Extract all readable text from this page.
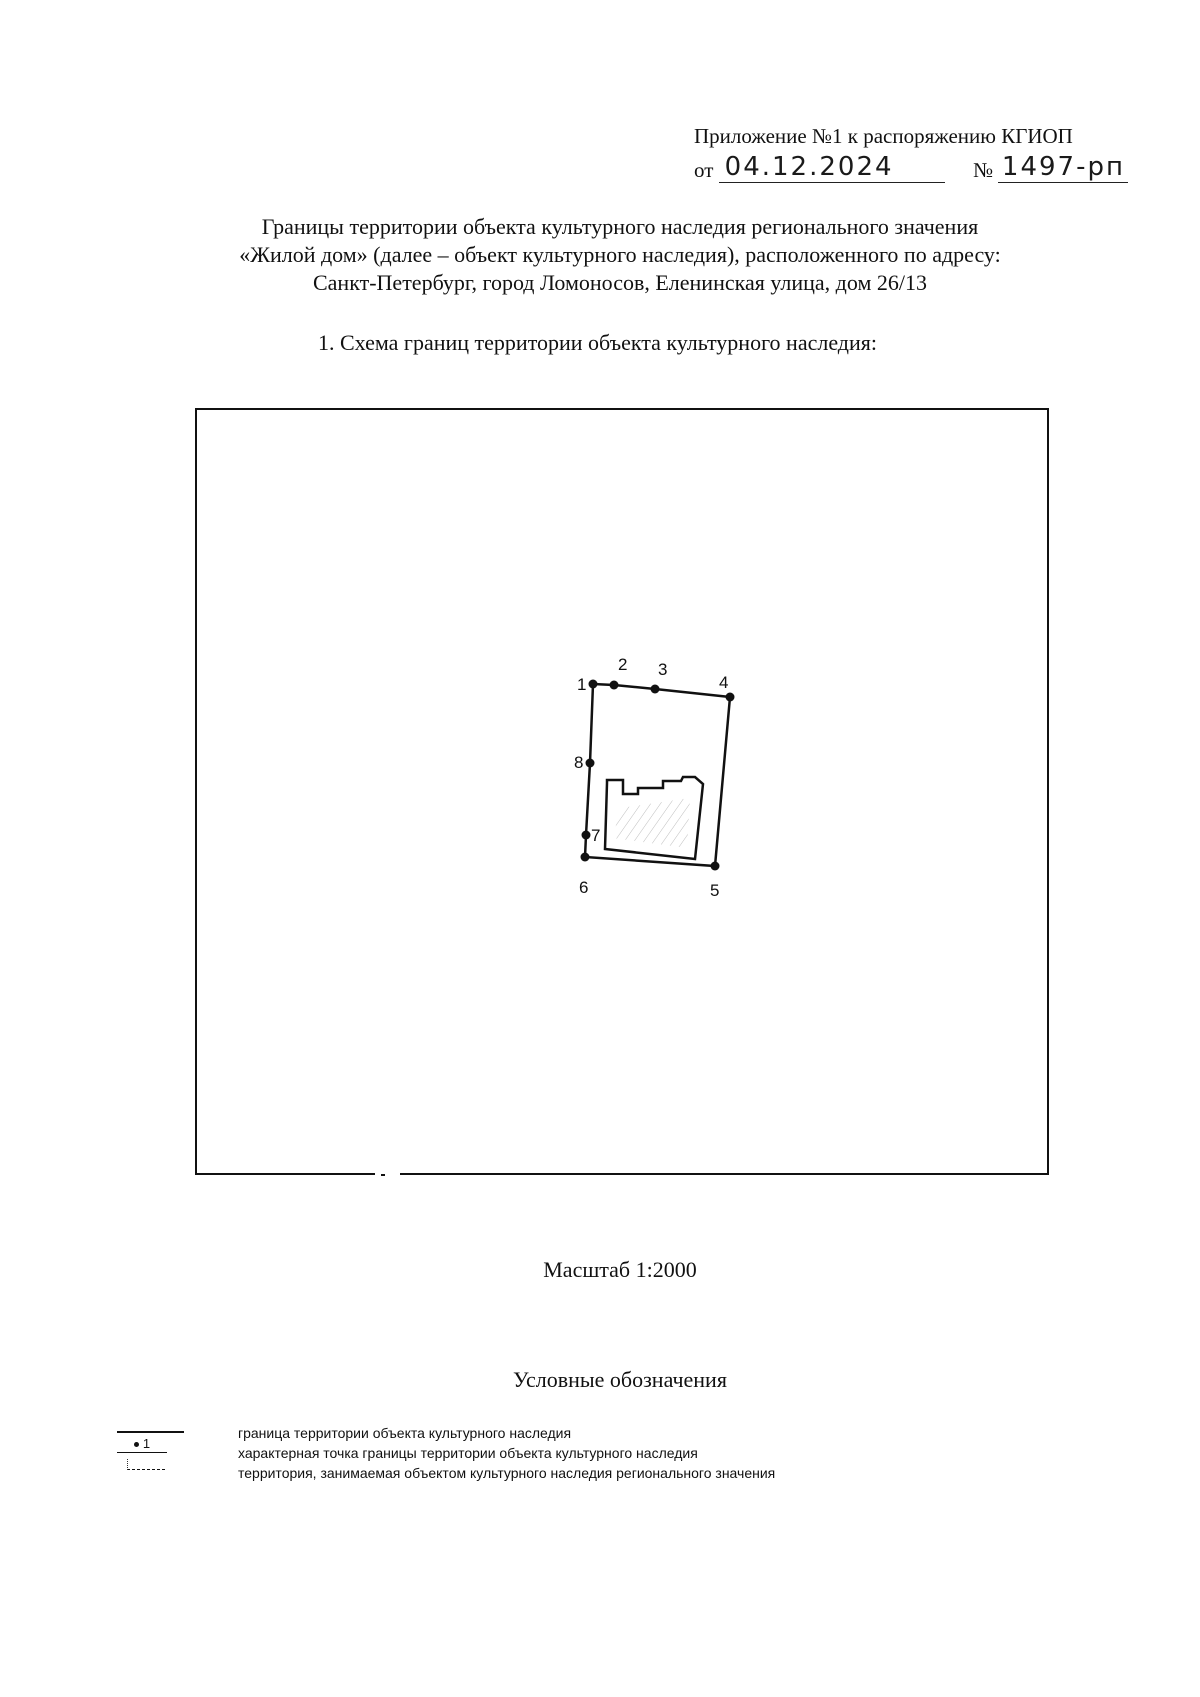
Приложение №1 к распоряжению КГИОП
от 04.12.2024	№ 1497-рп
Границы территории объекта культурного наследия регионального значения
«Жилой дом» (далее – объект культурного наследия), расположенного по адресу:
Санкт-Петербург, город Ломоносов, Еленинская улица, дом 26/13
1. Схема границ территории объекта культурного наследия:
1
2 3
4
5
6
7
8
Масштаб 1:2000
Условные обозначения
1
граница территории объекта культурного наследия
характерная точка границы территории объекта культурного наследия
территория, занимаемая объектом культурного наследия регионального значения
